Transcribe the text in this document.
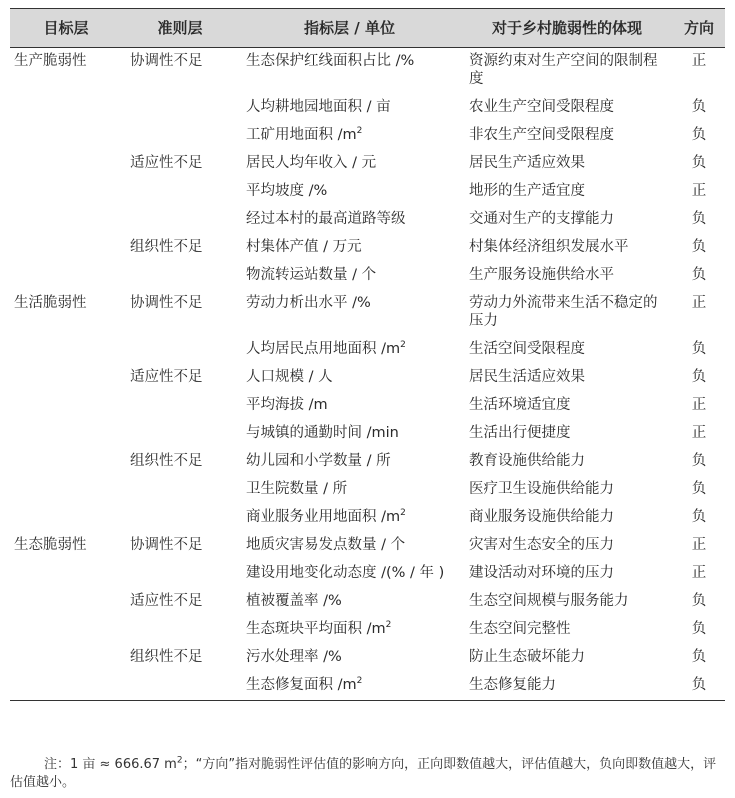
目标层	准则层	指标层 / 单位	对于乡村脆弱性的体现	方向
生产脆弱性	协调性不足	生态保护红线面积占比 /%	资源约束对生产空间的限制程度	正
		人均耕地园地面积 / 亩	农业生产空间受限程度	负
		工矿用地面积 $/m^2$	非农生产空间受限程度	负
	适应性不足	居民人均年收入 / 元	居民生产适应效果	负
		平均坡度 /%	地形的生产适宜度	正
		经过本村的最高道路等级	交通对生产的支撑能力	负
	组织性不足	村集体产值 / 万元	村集体经济组织发展水平	负
		物流转运站数量 / 个	生产服务设施供给水平	负
生活脆弱性	协调性不足	劳动力析出水平 /%	劳动力外流带来生活不稳定的压力	正
		人均居民点用地面积 $/m^2$	生活空间受限程度	负
	适应性不足	人口规模 / 人	居民生活适应效果	负
		平均海拔 /m	生活环境适宜度	正
		与城镇的通勤时间 /min	生活出行便捷度	正
	组织性不足	幼儿园和小学数量 / 所	教育设施供给能力	负
		卫生院数量 / 所	医疗卫生设施供给能力	负
		商业服务业用地面积 $/m^2$	商业服务设施供给能力	负
生态脆弱性	协调性不足	地质灾害易发点数量 / 个	灾害对生态安全的压力	正
		建设用地变化动态度 /(% / 年 )	建设活动对环境的压力	正
	适应性不足	植被覆盖率 /%	生态空间规模与服务能力	负
		生态斑块平均面积 $/m^2$	生态空间完整性	负
	组织性不足	污水处理率 /%	防止生态破坏能力	负
		生态修复面积 $/m^2$	生态修复能力	负
注：1 亩 ≈ 666.67 $m^2$；“方向”指对脆弱性评估值的影响方向，正向即数值越大，评估值越大，负向即数值越大，评估值越小。
